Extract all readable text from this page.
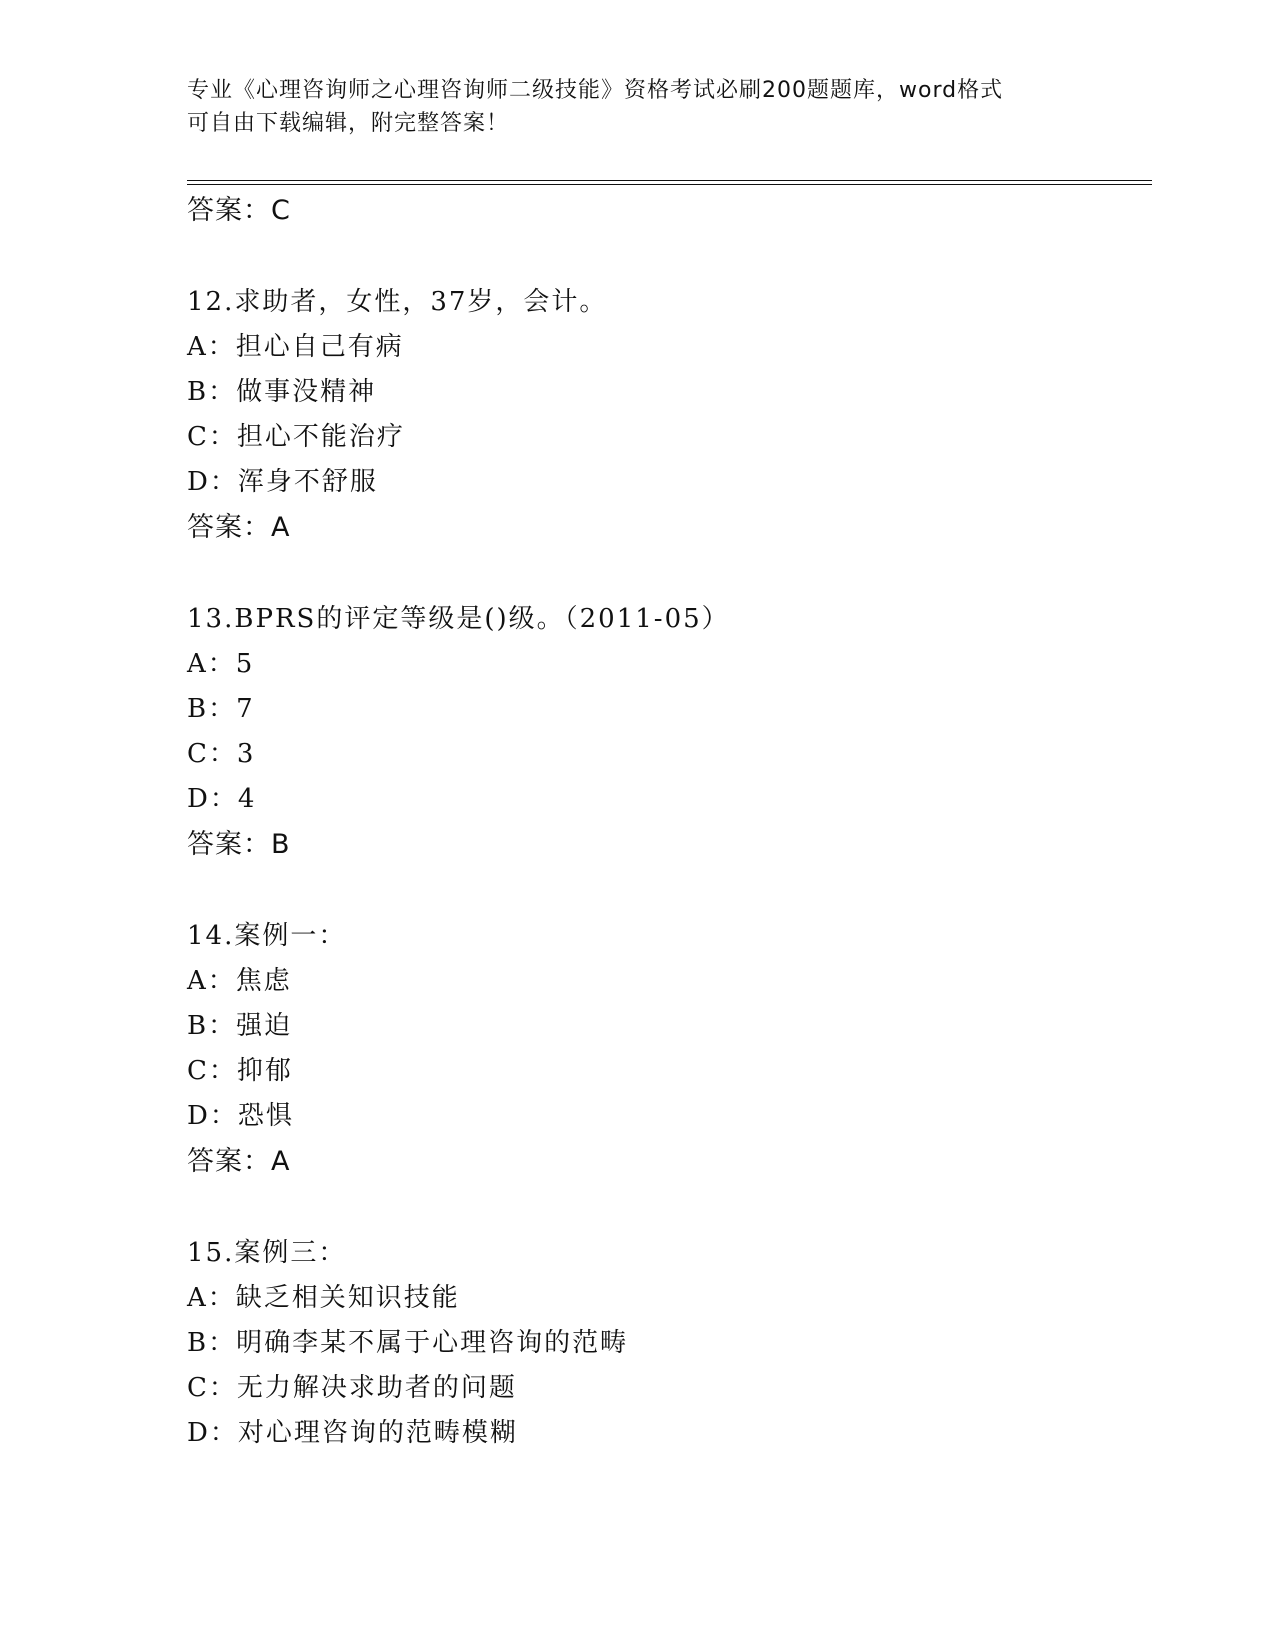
专业《心理咨询师之心理咨询师二级技能》资格考试必刷200题题库，word格式
可自由下载编辑，附完整答案！
答案：C
12.求助者，女性，37岁，会计。
A：担心自己有病
B：做事没精神
C：担心不能治疗
D：浑身不舒服
答案：A
13.BPRS的评定等级是()级。（2011-05）
A：5
B：7
C：3
D：4
答案：B
14.案例一：
A：焦虑
B：强迫
C：抑郁
D：恐惧
答案：A
15.案例三：
A：缺乏相关知识技能
B：明确李某不属于心理咨询的范畴
C：无力解决求助者的问题
D：对心理咨询的范畴模糊
